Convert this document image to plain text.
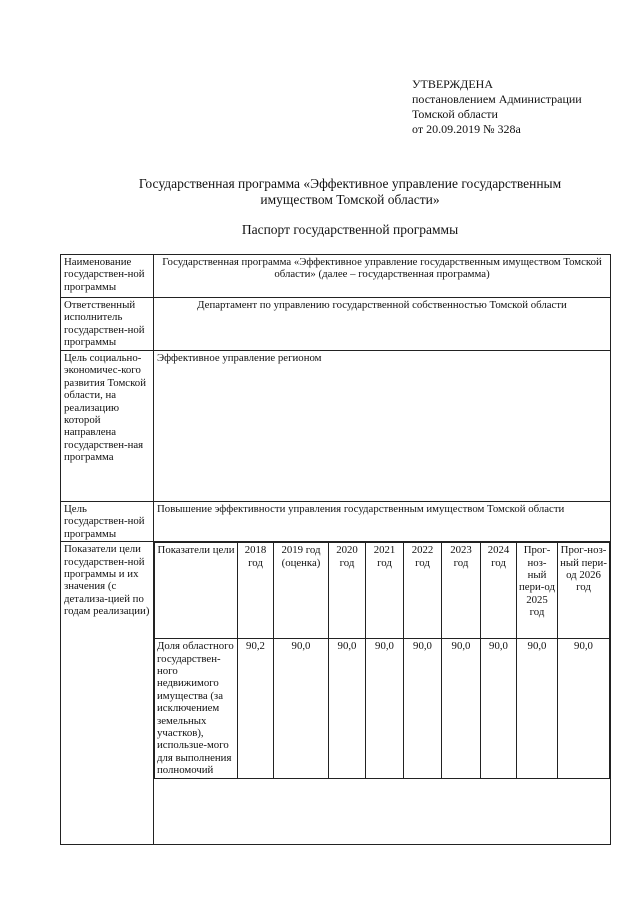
УТВЕРЖДЕНА
постановлением Администрации
Томской области
от 20.09.2019 № 328а
Государственная программа «Эффективное управление государственным
имуществом Томской области»
Паспорт государственной программы
Наименование государствен-ной программы	Государственная программа «Эффективное управление государственным имуществом Томской области» (далее – государственная программа)
Ответственный исполнитель государствен-ной программы	Департамент по управлению государственной собственностью Томской области
Цель социально-экономичес-кого развития Томской области, на реализацию которой направлена государствен-ная программа	Эффективное управление регионом
Цель государствен-ной программы	Повышение эффективности управления государственным имуществом Томской области
Показатели цели государствен-ной программы и их значения (с детализа-цией по годам реализации)	
Показатели цели	2018 год	2019 год (оценка)	2020 год	2021 год	2022 год	2023 год	2024 год	Прог-ноз-ный пери-од 2025 год	Прог-ноз-ный пери-од 2026 год
Доля областного государствен-ного недвижимого имущества (за исключением земельных участков), использue-мого для выполнения полномочий	90,2	90,0	90,0	90,0	90,0	90,0	90,0	90,0	90,0
